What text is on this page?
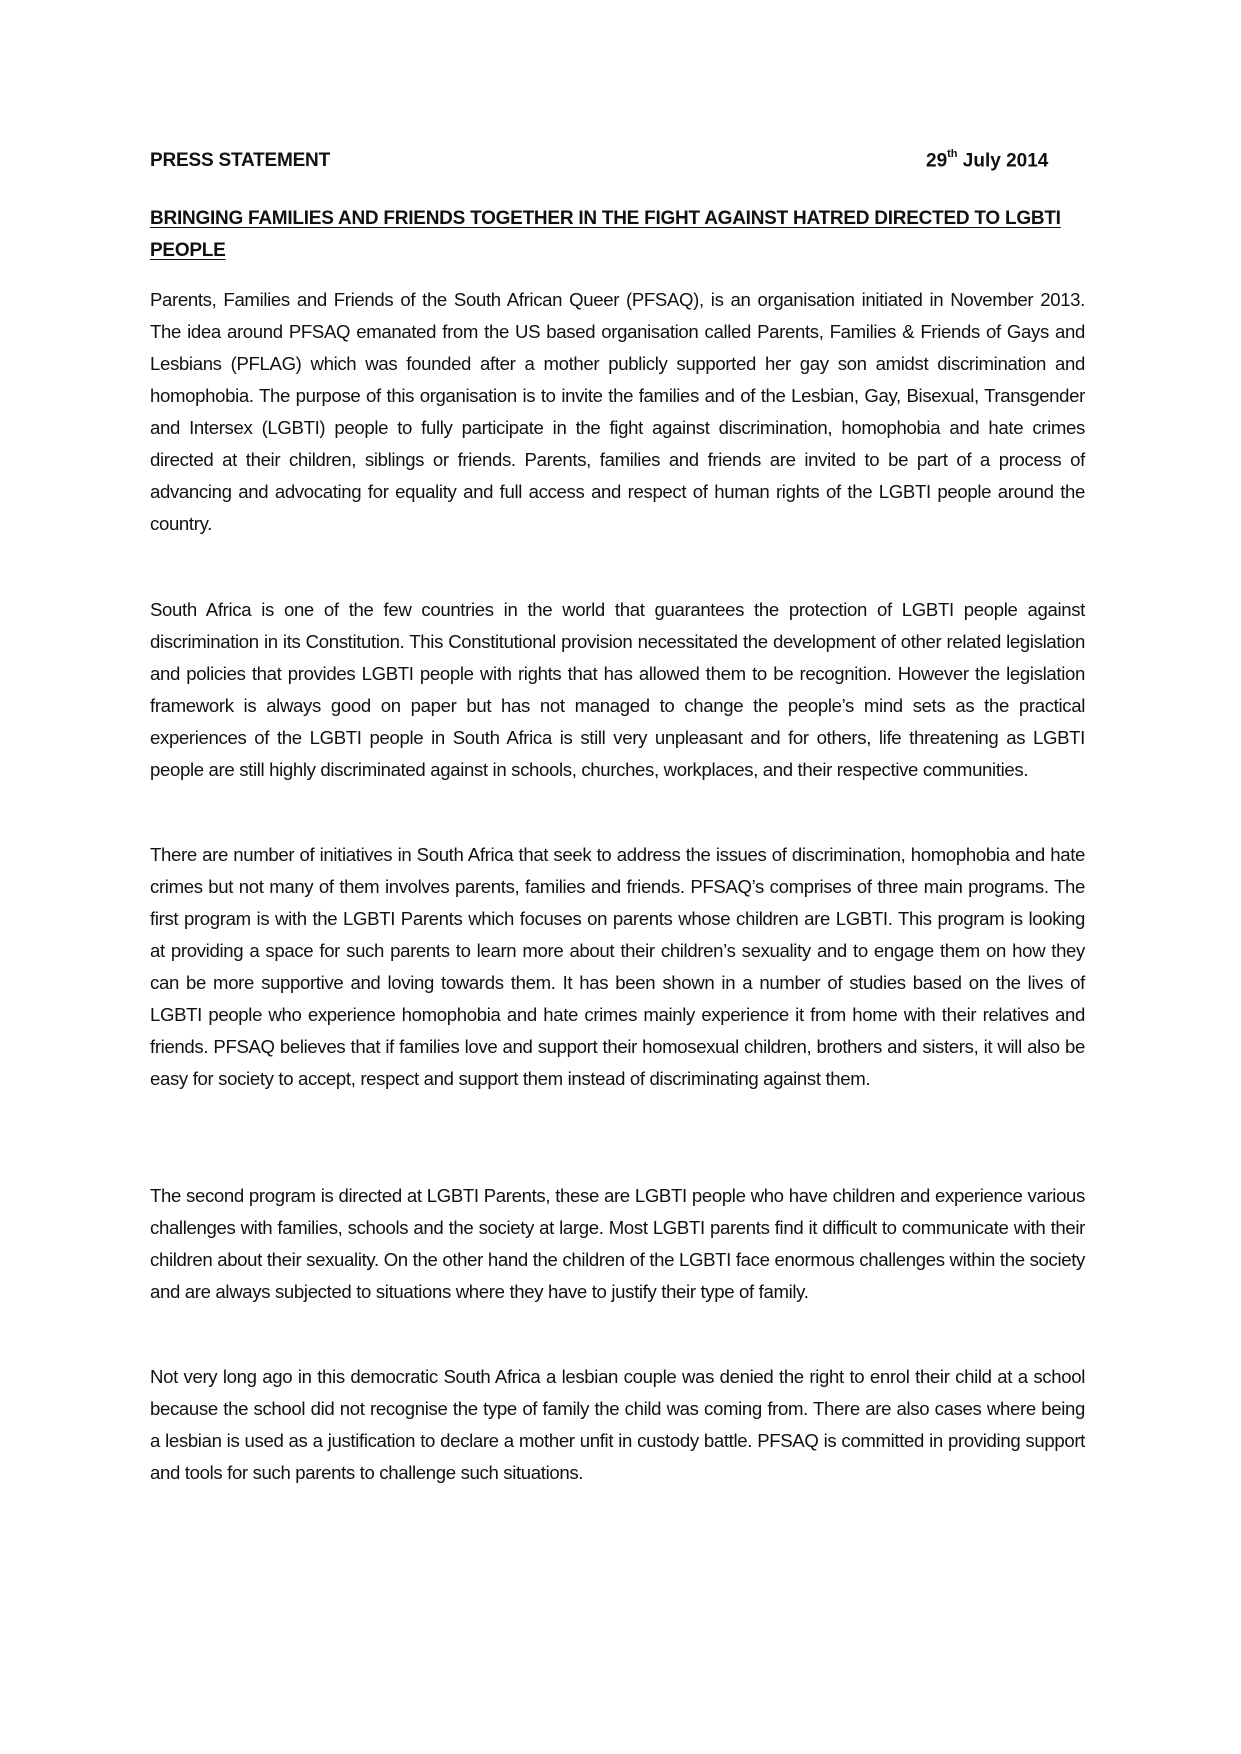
PRESS STATEMENT	29th July 2014
BRINGING FAMILIES AND FRIENDS TOGETHER IN THE FIGHT AGAINST HATRED DIRECTED TO LGBTI PEOPLE

Parents, Families and Friends of the South African Queer (PFSAQ), is an organisation initiated in November 2013. The idea around PFSAQ emanated from the US based organisation called Parents, Families & Friends of Gays and Lesbians (PFLAG) which was founded after a mother publicly supported her gay son amidst discrimination and homophobia. The purpose of this organisation is to invite the families and of the Lesbian, Gay, Bisexual, Transgender and Intersex (LGBTI) people to fully participate in the fight against discrimination, homophobia and hate crimes directed at their children, siblings or friends. Parents, families and friends are invited to be part of a process of advancing and advocating for equality and full access and respect of human rights of the LGBTI people around the country.

South Africa is one of the few countries in the world that guarantees the protection of LGBTI people against discrimination in its Constitution. This Constitutional provision necessitated the development of other related legislation and policies that provides LGBTI people with rights that has allowed them to be recognition. However the legislation framework is always good on paper but has not managed to change the people’s mind sets as the practical experiences of the LGBTI people in South Africa is still very unpleasant and for others, life threatening as LGBTI people are still highly discriminated against in schools, churches, workplaces, and their respective communities.

There are number of initiatives in South Africa that seek to address the issues of discrimination, homophobia and hate crimes but not many of them involves parents, families and friends. PFSAQ’s comprises of three main programs. The first program is with the LGBTI Parents which focuses on parents whose children are LGBTI. This program is looking at providing a space for such parents to learn more about their children’s sexuality and to engage them on how they can be more supportive and loving towards them. It has been shown in a number of studies based on the lives of LGBTI people who experience homophobia and hate crimes mainly experience it from home with their relatives and friends. PFSAQ believes that if families love and support their homosexual children, brothers and sisters, it will also be easy for society to accept, respect and support them instead of discriminating against them.

The second program is directed at LGBTI Parents, these are LGBTI people who have children and experience various challenges with families, schools and the society at large. Most LGBTI parents find it difficult to communicate with their children about their sexuality. On the other hand the children of the LGBTI face enormous challenges within the society and are always subjected to situations where they have to justify their type of family.

Not very long ago in this democratic South Africa a lesbian couple was denied the right to enrol their child at a school because the school did not recognise the type of family the child was coming from. There are also cases where being a lesbian is used as a justification to declare a mother unfit in custody battle. PFSAQ is committed in providing support and tools for such parents to challenge such situations.
